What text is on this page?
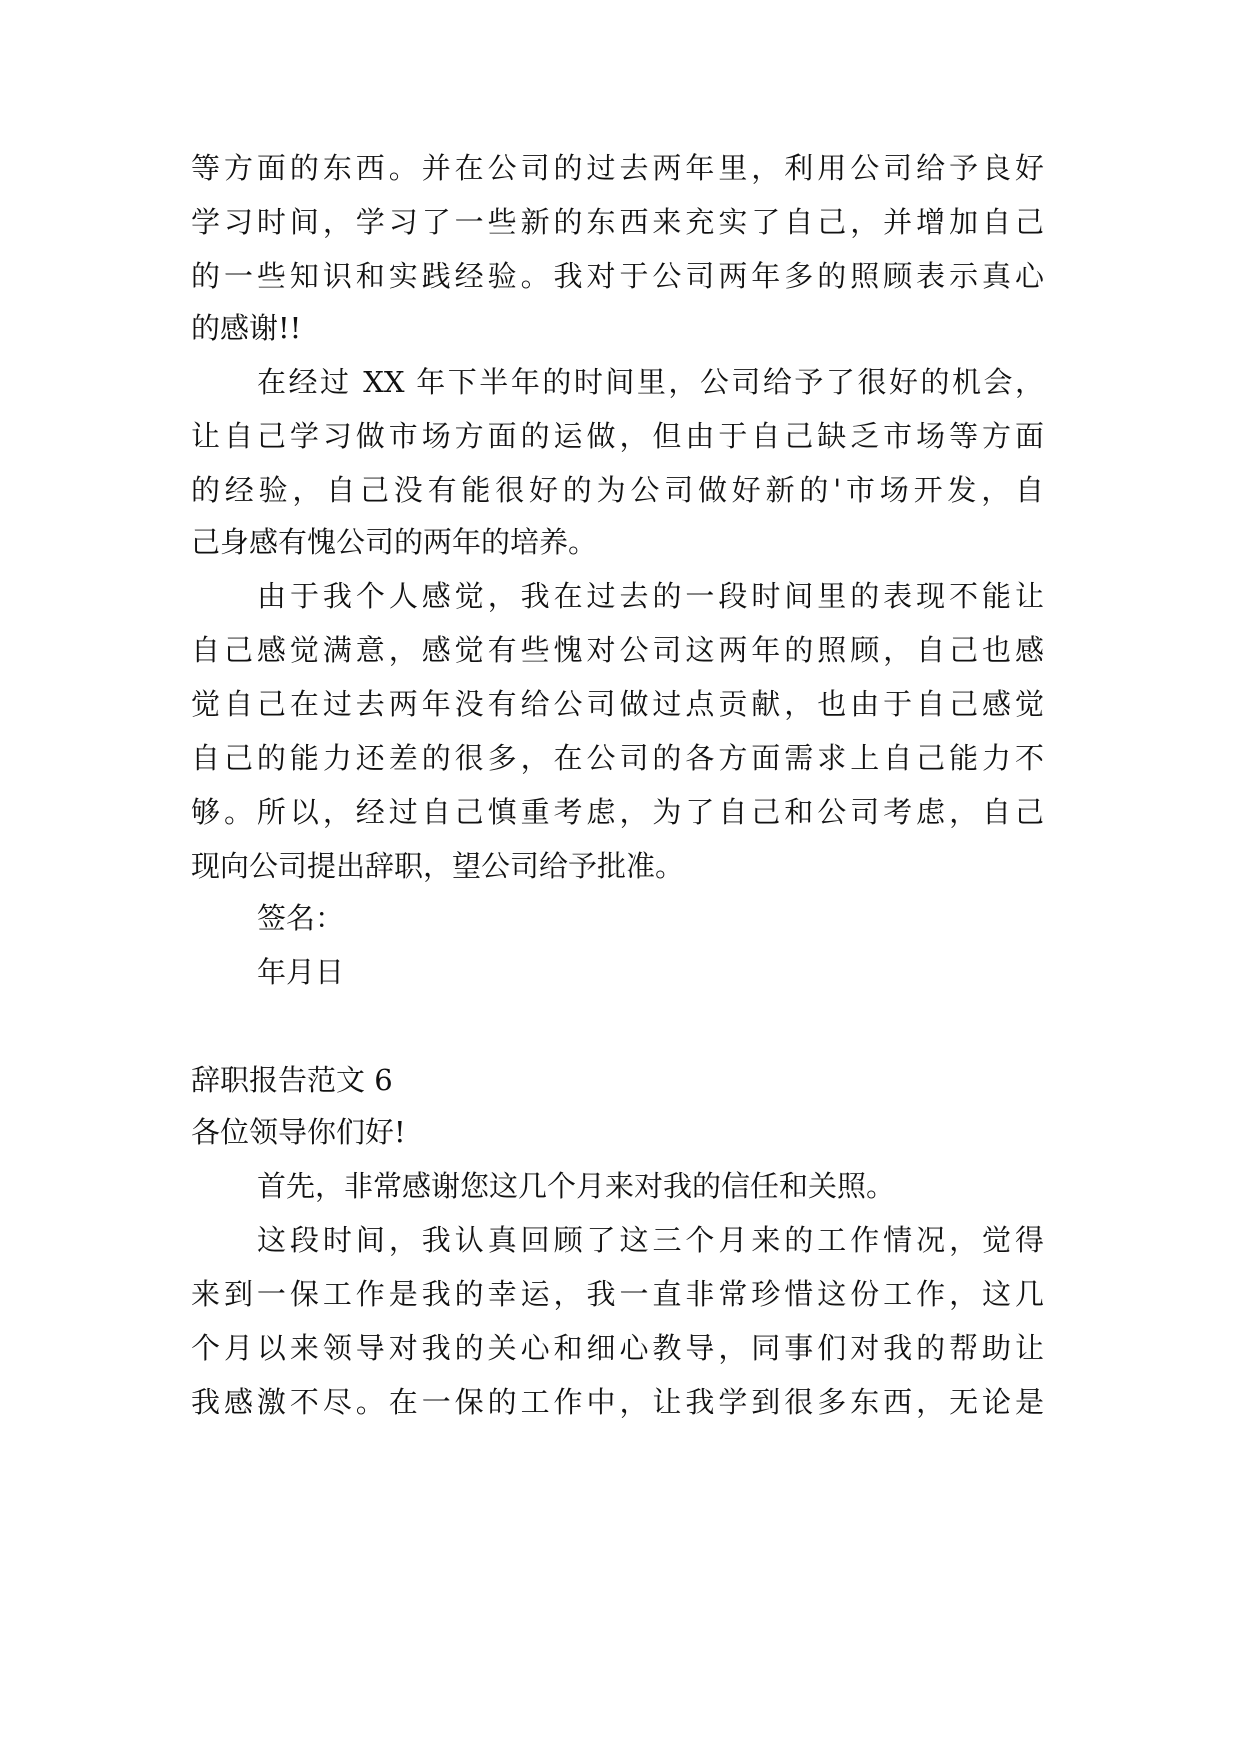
等方面的东西。并在公司的过去两年里，利用公司给予良好

学习时间，学习了一些新的东西来充实了自己，并增加自己

的一些知识和实践经验。我对于公司两年多的照顾表示真心

的感谢!!

在经过 XX 年下半年的时间里，公司给予了很好的机会，

让自己学习做市场方面的运做，但由于自己缺乏市场等方面

的经验，自己没有能很好的为公司做好新的'市场开发，自

己身感有愧公司的两年的培养。

由于我个人感觉，我在过去的一段时间里的表现不能让

自己感觉满意，感觉有些愧对公司这两年的照顾，自己也感

觉自己在过去两年没有给公司做过点贡献，也由于自己感觉

自己的能力还差的很多，在公司的各方面需求上自己能力不

够。所以，经过自己慎重考虑，为了自己和公司考虑，自己

现向公司提出辞职，望公司给予批准。

签名：

年月日

辞职报告范文 6

各位领导你们好!

首先，非常感谢您这几个月来对我的信任和关照。

这段时间，我认真回顾了这三个月来的工作情况，觉得

来到一保工作是我的幸运，我一直非常珍惜这份工作，这几

个月以来领导对我的关心和细心教导，同事们对我的帮助让

我感激不尽。在一保的工作中，让我学到很多东西，无论是
